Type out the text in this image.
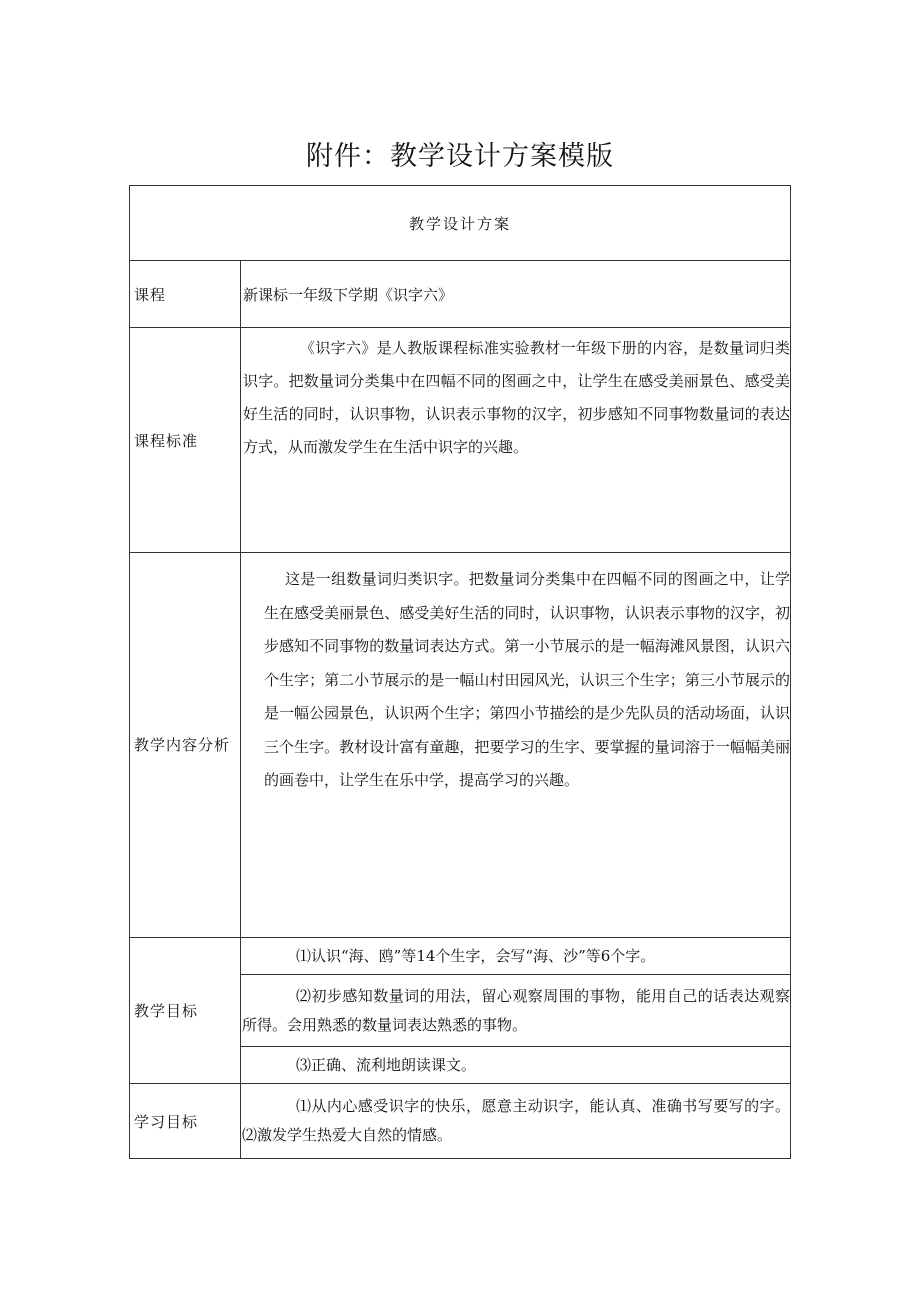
附件：教学设计方案模版
教学设计方案	
课程	新课标一年级下学期《识字六》
课程标准	《识字六》是人教版课程标准实验教材一年级下册的内容，是数量词归类识字。把数量词分类集中在四幅不同的图画之中，让学生在感受美丽景色、感受美好生活的同时，认识事物，认识表示事物的汉字，初步感知不同事物数量词的表达方式，从而激发学生在生活中识字的兴趣。

教学内容分析	这是一组数量词归类识字。把数量词分类集中在四幅不同的图画之中，让学生在感受美丽景色、感受美好生活的同时，认识事物，认识表示事物的汉字，初步感知不同事物的数量词表达方式。第一小节展示的是一幅海滩风景图，认识六个生字；第二小节展示的是一幅山村田园风光，认识三个生字；第三小节展示的是一幅公园景色，认识两个生字；第四小节描绘的是少先队员的活动场面，认识三个生字。教材设计富有童趣，把要学习的生字、要掌握的量词溶于一幅幅美丽的画卷中，让学生在乐中学，提高学习的兴趣。

教学目标	⑴认识“海、鸥”等14个生字，会写“海、沙”等6个字。

	⑵初步感知数量词的用法，留心观察周围的事物，能用自己的话表达观察所得。会用熟悉的数量词表达熟悉的事物。

	⑶正确、流利地朗读课文。

学习目标	⑴从内心感受识字的快乐，愿意主动识字，能认真、准确书写要写的字。⑵激发学生热爱大自然的情感。
